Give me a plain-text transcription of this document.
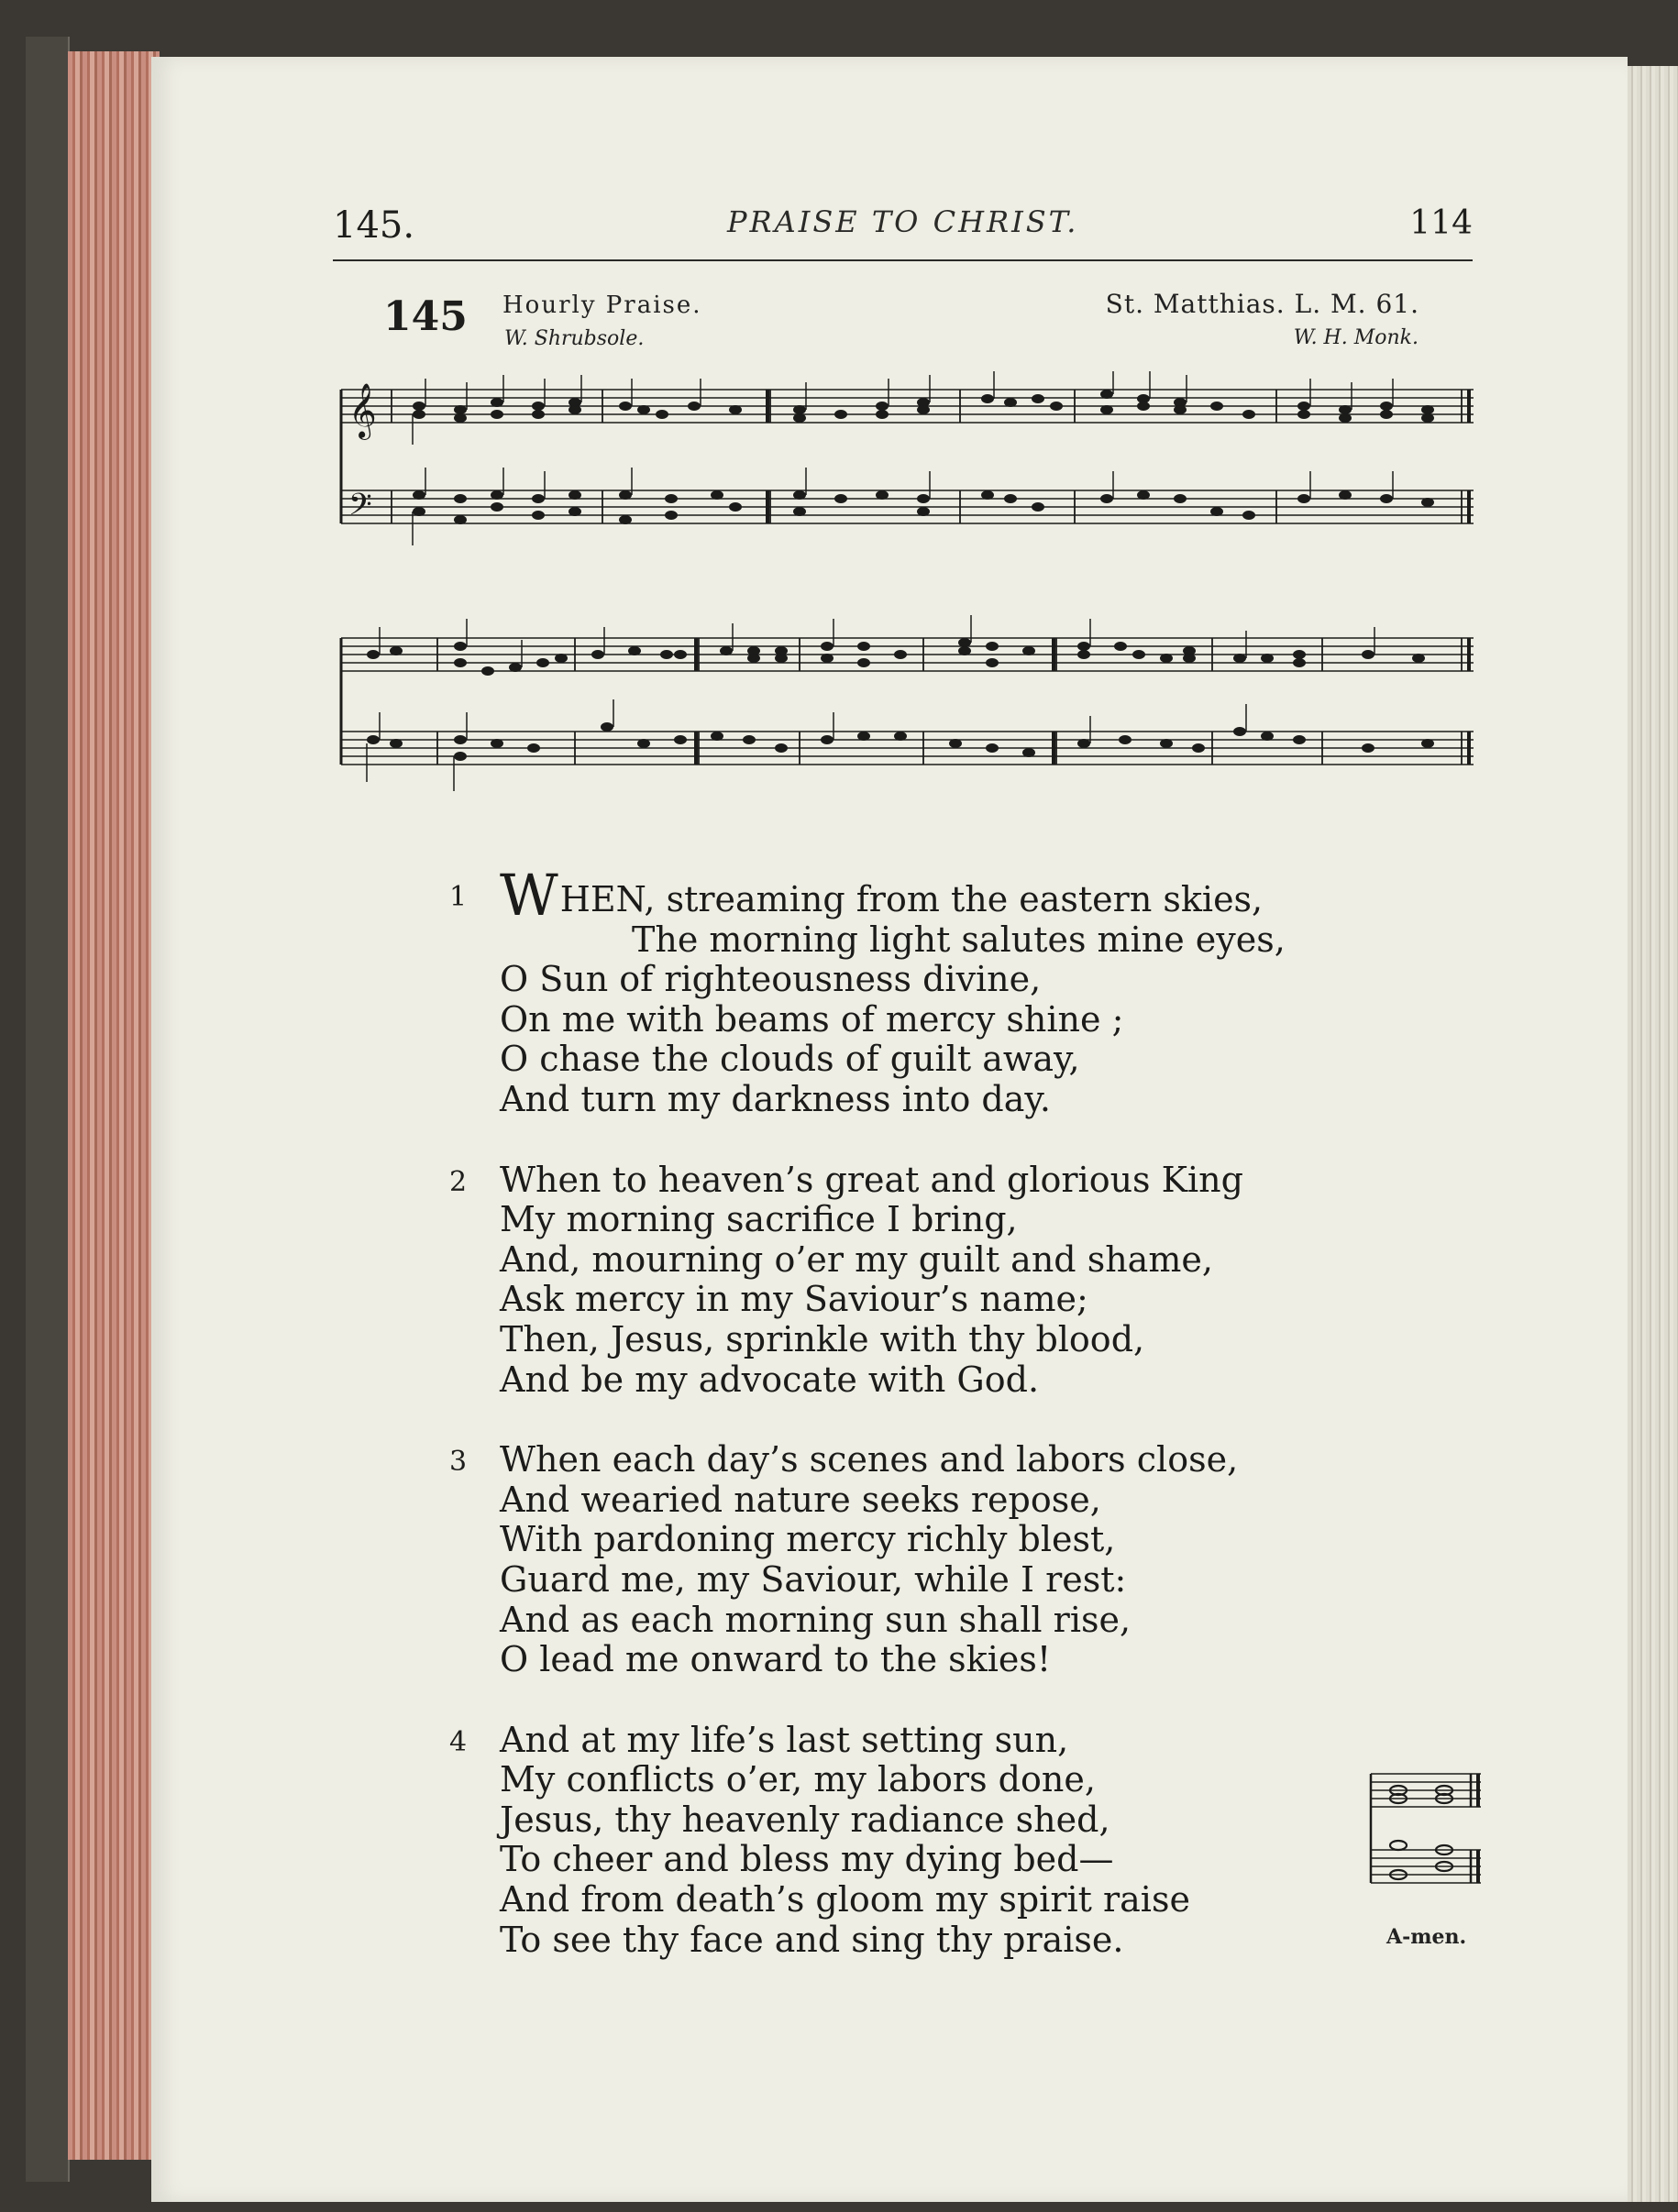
145.	PRAISE TO CHRIST.	114
145 Hourly Praise.
W. Shrubsole.
St. Matthias. L. M. 61.
W. H. Monk.
𝄞
𝄢
1 WHEN, streaming from the eastern skies,
The morning light salutes mine eyes,
O Sun of righteousness divine,
On me with beams of mercy shine ;
O chase the clouds of guilt away,
And turn my darkness into day.
2 When to heaven’s great and glorious King
My morning sacrifice I bring,
And, mourning o’er my guilt and shame,
Ask mercy in my Saviour’s name;
Then, Jesus, sprinkle with thy blood,
And be my advocate with God.
3 When each day’s scenes and labors close,
And wearied nature seeks repose,
With pardoning mercy richly blest,
Guard me, my Saviour, while I rest:
And as each morning sun shall rise,
O lead me onward to the skies!
4 And at my life’s last setting sun,
My conflicts o’er, my labors done,
Jesus, thy heavenly radiance shed,
To cheer and bless my dying bed—
And from death’s gloom my spirit raise
To see thy face and sing thy praise.	A-men.
